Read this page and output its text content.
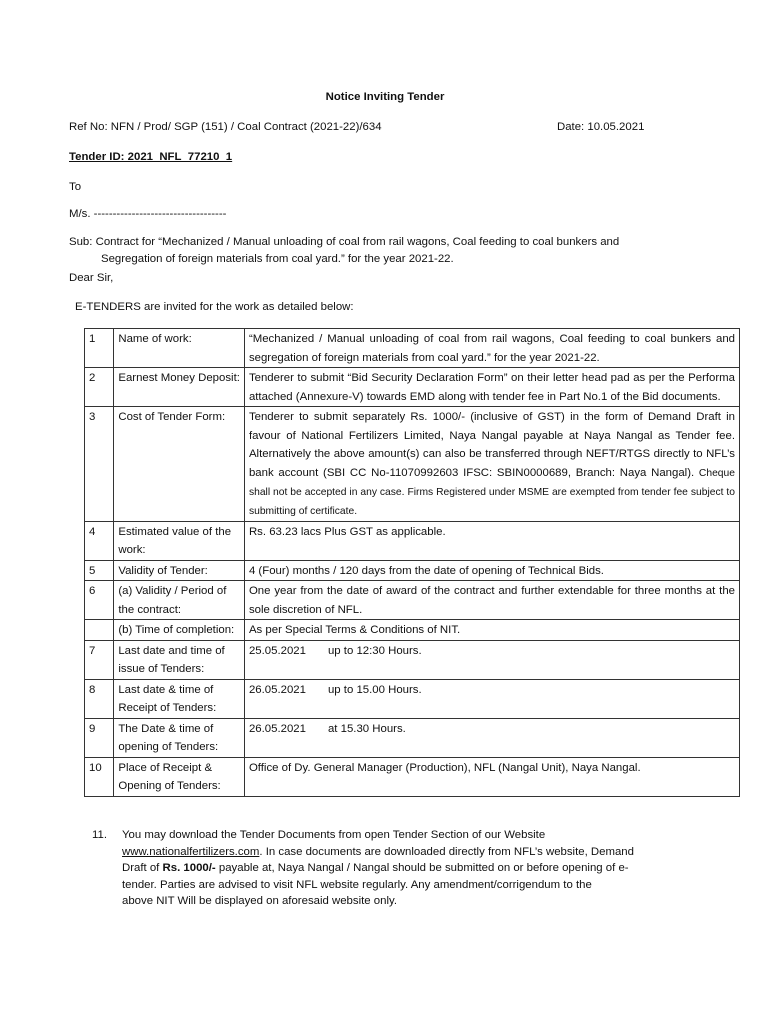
Notice Inviting Tender
Ref No: NFN / Prod/ SGP (151) / Coal Contract (2021-22)/634	Date: 10.05.2021
Tender ID: 2021_NFL_77210_1
To
M/s. -----------------------------------
Sub: Contract for “Mechanized / Manual unloading of coal from rail wagons, Coal feeding to coal bunkers and
Segregation of foreign materials from coal yard.” for the year 2021-22.
Dear Sir,
E-TENDERS are invited for the work as detailed below:
1	Name of work:	“Mechanized / Manual unloading of coal from rail wagons, Coal feeding to coal bunkers and segregation of foreign materials from coal yard.” for the year 2021-22.
2	Earnest Money Deposit:	Tenderer to submit “Bid Security Declaration Form” on their letter head pad as per the Performa attached (Annexure-V) towards EMD along with tender fee in Part No.1 of the Bid documents.
3	Cost of Tender Form:	Tenderer to submit separately Rs. 1000/- (inclusive of GST) in the form of Demand Draft in favour of National Fertilizers Limited, Naya Nangal payable at Naya Nangal as Tender fee. Alternatively the above amount(s) can also be transferred through NEFT/RTGS directly to NFL’s bank account (SBI CC No-11070992603 IFSC: SBIN0000689, Branch: Naya Nangal). Cheque shall not be accepted in any case. Firms Registered under MSME are exempted from tender fee subject to submitting of certificate.
4	Estimated value of the work:	Rs. 63.23 lacs Plus GST as applicable.
5	Validity of Tender:	4 (Four) months / 120 days from the date of opening of Technical Bids.
6	(a) Validity / Period of the contract:	One year from the date of award of the contract and further extendable for three months at the sole discretion of NFL.
	(b) Time of completion:	As per Special Terms & Conditions of NIT.
7	Last date and time of issue of Tenders:	25.05.2021 up to 12:30 Hours.
8	Last date & time of Receipt of Tenders:	26.05.2021 up to 15.00 Hours.
9	The Date & time of opening of Tenders:	26.05.2021 at 15.30 Hours.
10	Place of Receipt & Opening of Tenders:	Office of Dy. General Manager (Production), NFL (Nangal Unit), Naya Nangal.
11. You may download the Tender Documents from open Tender Section of our Website
www.nationalfertilizers.com. In case documents are downloaded directly from NFL’s website, Demand
Draft of Rs. 1000/- payable at, Naya Nangal / Nangal should be submitted on or before opening of e-
tender. Parties are advised to visit NFL website regularly. Any amendment/corrigendum to the
above NIT Will be displayed on aforesaid website only.
